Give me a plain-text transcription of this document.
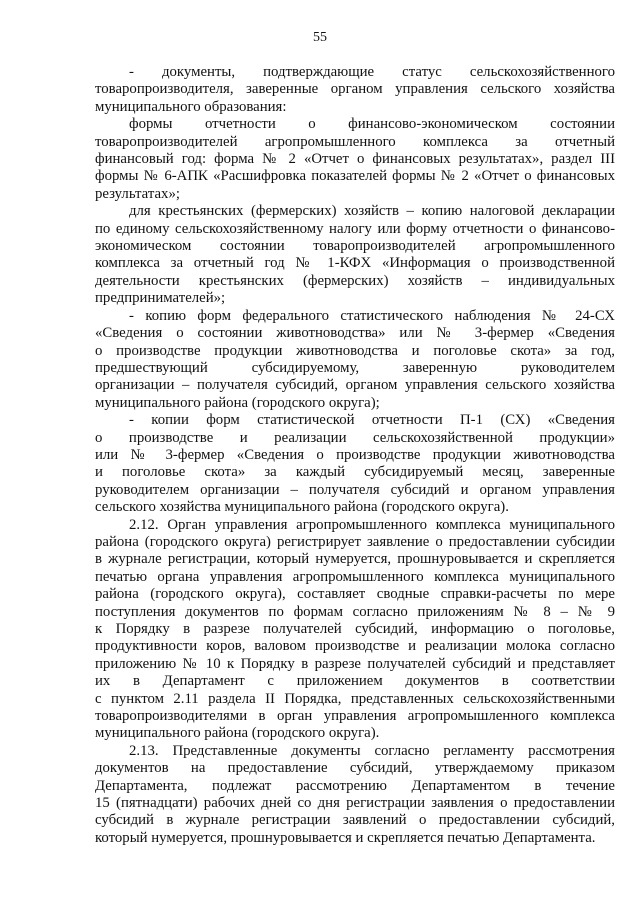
55
- документы, подтверждающие статус сельскохозяйственного
товаропроизводителя, заверенные органом управления сельского хозяйства
муниципального образования:
формы отчетности о финансово-экономическом состоянии
товаропроизводителей агропромышленного комплекса за отчетный
финансовый год: форма № 2 «Отчет о финансовых результатах», раздел III
формы № 6-АПК «Расшифровка показателей формы № 2 «Отчет о финансовых
результатах»;
для крестьянских (фермерских) хозяйств – копию налоговой декларации
по единому сельскохозяйственному налогу или форму отчетности о финансово-
экономическом состоянии товаропроизводителей агропромышленного
комплекса за отчетный год № 1-КФХ «Информация о производственной
деятельности крестьянских (фермерских) хозяйств – индивидуальных
предпринимателей»;
- копию форм федерального статистического наблюдения № 24-СХ
«Сведения о состоянии животноводства» или № 3-фермер «Сведения
о производстве продукции животноводства и поголовье скота» за год,
предшествующий субсидируемому, заверенную руководителем
организации – получателя субсидий, органом управления сельского хозяйства
муниципального района (городского округа);
- копии форм статистической отчетности П-1 (СХ) «Сведения
о производстве и реализации сельскохозяйственной продукции»
или № 3-фермер «Сведения о производстве продукции животноводства
и поголовье скота» за каждый субсидируемый месяц, заверенные
руководителем организации – получателя субсидий и органом управления
сельского хозяйства муниципального района (городского округа).
2.12. Орган управления агропромышленного комплекса муниципального
района (городского округа) регистрирует заявление о предоставлении субсидии
в журнале регистрации, который нумеруется, прошнуровывается и скрепляется
печатью органа управления агропромышленного комплекса муниципального
района (городского округа), составляет сводные справки-расчеты по мере
поступления документов по формам согласно приложениям № 8 – № 9
к Порядку в разрезе получателей субсидий, информацию о поголовье,
продуктивности коров, валовом производстве и реализации молока согласно
приложению № 10 к Порядку в разрезе получателей субсидий и представляет
их в Департамент с приложением документов в соответствии
с пунктом 2.11 раздела II Порядка, представленных сельскохозяйственными
товаропроизводителями в орган управления агропромышленного комплекса
муниципального района (городского округа).
2.13. Представленные документы согласно регламенту рассмотрения
документов на предоставление субсидий, утверждаемому приказом
Департамента, подлежат рассмотрению Департаментом в течение
15 (пятнадцати) рабочих дней со дня регистрации заявления о предоставлении
субсидий в журнале регистрации заявлений о предоставлении субсидий,
который нумеруется, прошнуровывается и скрепляется печатью Департамента.
